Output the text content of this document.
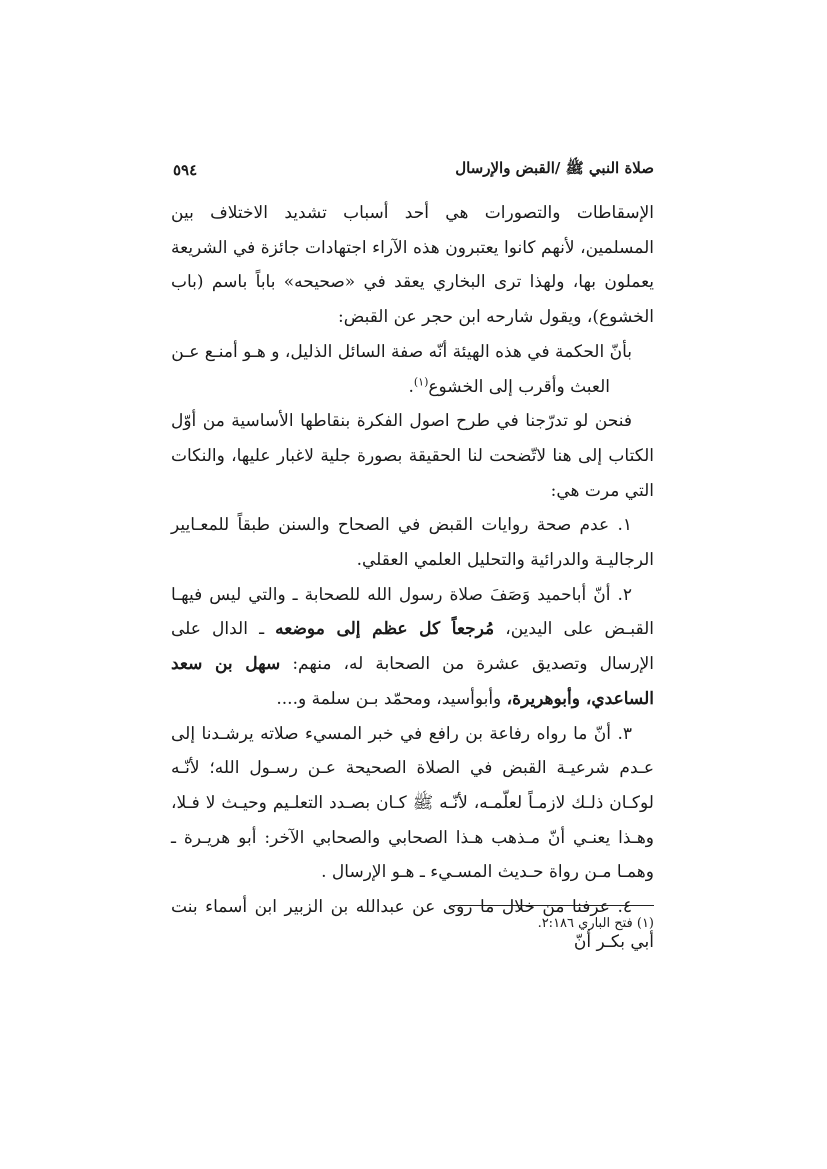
صلاة النبي ﷺ /القبض والإرسال
٥٩٤

الإسقاطات والتصورات هي أحد أسباب تشديد الاختلاف بين المسلمين، لأنهم كانوا يعتبرون هذه الآراء اجتهادات جائزة في الشريعة يعملون بها، ولهذا ترى البخاري يعقد في «صحيحه» باباً باسم (باب الخشوع)، ويقول شارحه ابن حجر عن القبض:

بأنّ الحكمة في هذه الهيئة أنّه صفة السائل الذليل، و هـو أمنـع عـن

العبث وأقرب إلى الخشوع$^{(١)}$.

فنحن لو تدرّجنا في طرح اصول الفكرة بنقاطها الأساسية من أوّل الكتاب إلى هنا لاتّضحت لنا الحقيقة بصورة جلية لاغبار عليها، والنكات التي مرت هي:

١. عدم صحة روايات القبض في الصحاح والسنن طبقاً للمعـايير الرجاليـة والدرائية والتحليل العلمي العقلي.

٢. أنّ أباحميد وَصَفَ صلاة رسول الله للصحابة ـ والتي ليس فيهـا القبـض على اليدين، مُرجعاً كل عظم إلى موضعه ـ الدال على الإرسال وتصديق عشرة من الصحابة له، منهم: سهل بن سعد الساعدي، وأبوهريرة، وأبوأسيد، ومحمّد بـن سلمة و....

٣. أنّ ما رواه رفاعة بن رافع في خبر المسيء صلاته يرشـدنا إلى عـدم شرعيـة القبض في الصلاة الصحيحة عـن رسـول الله؛ لأنّـه لوكـان ذلـك لازمـاً لعلّمـه، لأنّـه ﷺ كـان بصـدد التعلـيم وحيـث لا فـلا، وهـذا يعنـي أنّ مـذهب هـذا الصحابي والصحابي الآخر: أبو هريـرة ـ وهمـا مـن رواة حـديث المسـيء ـ هـو الإرسال .

٤. عرفنا من خلال ما روى عن عبدالله بن الزبير ابن أسماء بنت أبي بكـر أنّ

(١) فتح الباري ٢:١٨٦.
